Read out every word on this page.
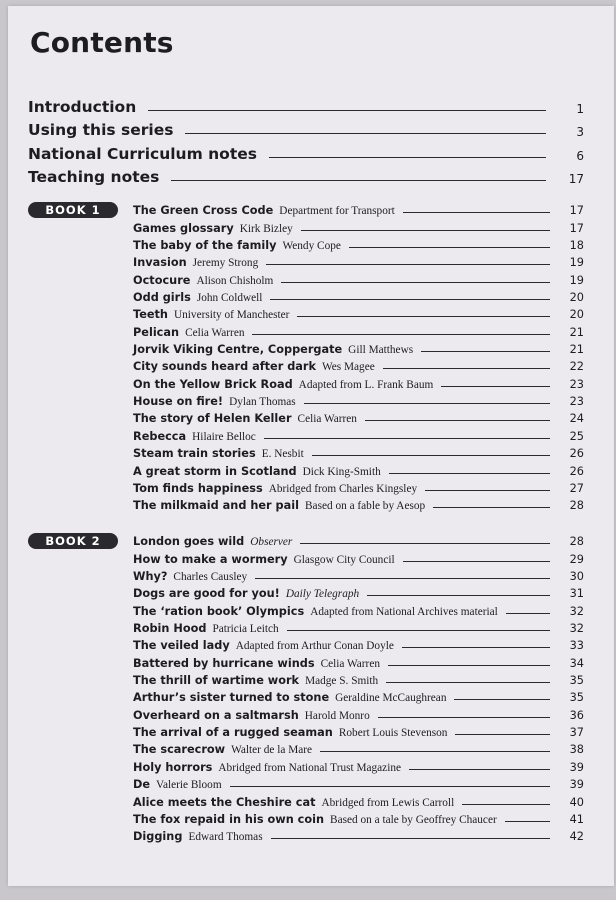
Contents
Introduction	1
Using this series	3
National Curriculum notes	6
Teaching notes	17
BOOK 1	The Green Cross Code Department for Transport	17
Games glossary Kirk Bizley	17
The baby of the family Wendy Cope	18
Invasion Jeremy Strong	19
Octocure Alison Chisholm	19
Odd girls John Coldwell	20
Teeth University of Manchester	20
Pelican Celia Warren	21
Jorvik Viking Centre, Coppergate Gill Matthews	21
City sounds heard after dark Wes Magee	22
On the Yellow Brick Road Adapted from L. Frank Baum	23
House on fire! Dylan Thomas	23
The story of Helen Keller Celia Warren	24
Rebecca Hilaire Belloc	25
Steam train stories E. Nesbit	26
A great storm in Scotland Dick King-Smith	26
Tom finds happiness Abridged from Charles Kingsley	27
The milkmaid and her pail Based on a fable by Aesop	28
BOOK 2	London goes wild Observer	28
How to make a wormery Glasgow City Council	29
Why? Charles Causley	30
Dogs are good for you! Daily Telegraph	31
The ‘ration book’ Olympics Adapted from National Archives material	32
Robin Hood Patricia Leitch	32
The veiled lady Adapted from Arthur Conan Doyle	33
Battered by hurricane winds Celia Warren	34
The thrill of wartime work Madge S. Smith	35
Arthur’s sister turned to stone Geraldine McCaughrean	35
Overheard on a saltmarsh Harold Monro	36
The arrival of a rugged seaman Robert Louis Stevenson	37
The scarecrow Walter de la Mare	38
Holy horrors Abridged from National Trust Magazine	39
De Valerie Bloom	39
Alice meets the Cheshire cat Abridged from Lewis Carroll	40
The fox repaid in his own coin Based on a tale by Geoffrey Chaucer	41
Digging Edward Thomas	42
